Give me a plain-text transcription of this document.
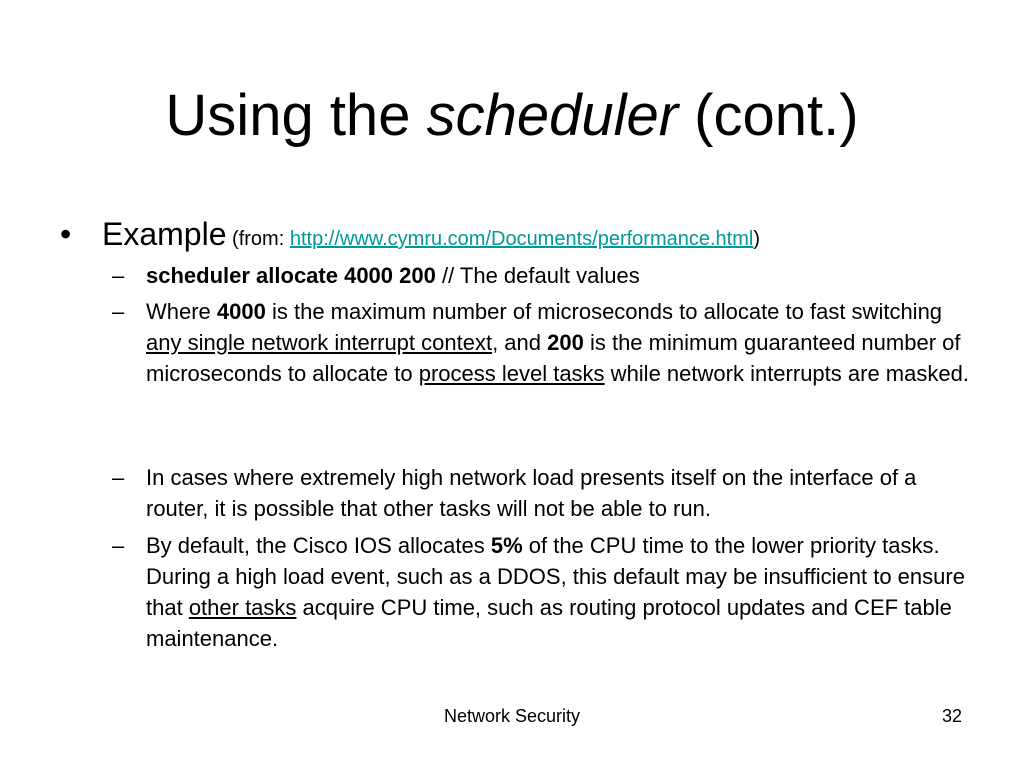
Using the scheduler (cont.)
• Example (from: http://www.cymru.com/Documents/performance.html)
– scheduler allocate 4000 200 // The default values
– Where 4000 is the maximum number of microseconds to allocate to fast switching any single network interrupt context, and 200 is the minimum guaranteed number of microseconds to allocate to process level tasks while network interrupts are masked.
– In cases where extremely high network load presents itself on the interface of a router, it is possible that other tasks will not be able to run.
– By default, the Cisco IOS allocates 5% of the CPU time to the lower priority tasks. During a high load event, such as a DDOS, this default may be insufficient to ensure that other tasks acquire CPU time, such as routing protocol updates and CEF table maintenance.
Network Security	32
